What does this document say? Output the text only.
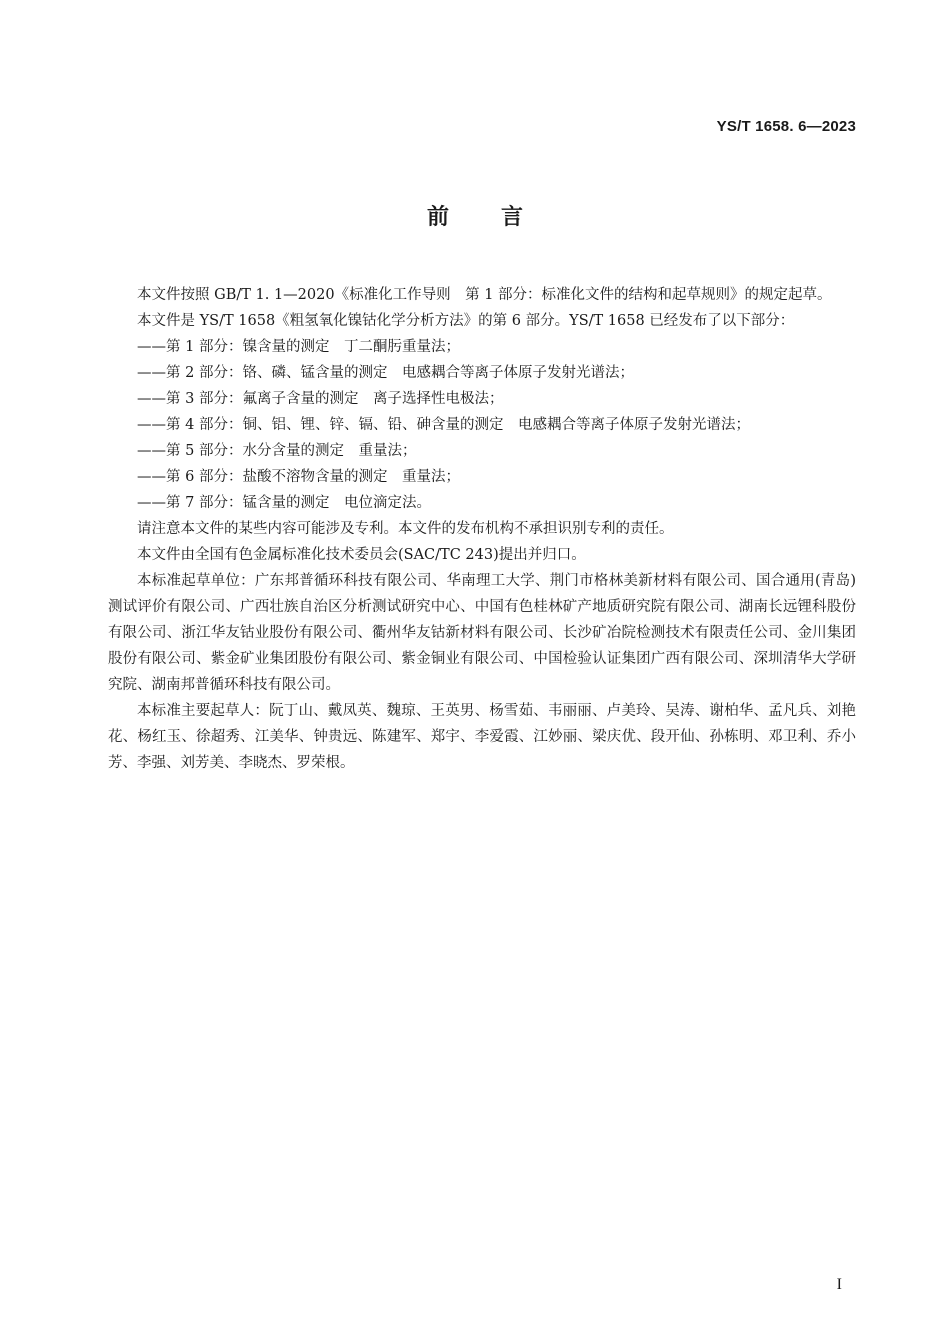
YS/T 1658. 6—2023
前言

本文件按照 GB/T 1. 1—2020《标准化工作导则　第 1 部分：标准化文件的结构和起草规则》的规定起草。

本文件是 YS/T 1658《粗氢氧化镍钴化学分析方法》的第 6 部分。YS/T 1658 已经发布了以下部分：

——第 1 部分：镍含量的测定　丁二酮肟重量法；

——第 2 部分：铬、磷、锰含量的测定　电感耦合等离子体原子发射光谱法；

——第 3 部分：氟离子含量的测定　离子选择性电极法；

——第 4 部分：铜、铝、锂、锌、镉、铅、砷含量的测定　电感耦合等离子体原子发射光谱法；

——第 5 部分：水分含量的测定　重量法；

——第 6 部分：盐酸不溶物含量的测定　重量法；

——第 7 部分：锰含量的测定　电位滴定法。

请注意本文件的某些内容可能涉及专利。本文件的发布机构不承担识别专利的责任。

本文件由全国有色金属标准化技术委员会(SAC/TC 243)提出并归口。

本标准起草单位：广东邦普循环科技有限公司、华南理工大学、荆门市格林美新材料有限公司、国合通用(青岛)测试评价有限公司、广西壮族自治区分析测试研究中心、中国有色桂林矿产地质研究院有限公司、湖南长远锂科股份有限公司、浙江华友钴业股份有限公司、衢州华友钴新材料有限公司、长沙矿冶院检测技术有限责任公司、金川集团股份有限公司、紫金矿业集团股份有限公司、紫金铜业有限公司、中国检验认证集团广西有限公司、深圳清华大学研究院、湖南邦普循环科技有限公司。

本标准主要起草人：阮丁山、戴凤英、魏琼、王英男、杨雪茹、韦丽丽、卢美玲、吴涛、谢柏华、孟凡兵、刘艳花、杨红玉、徐超秀、江美华、钟贵远、陈建军、郑宇、李爱霞、江妙丽、梁庆优、段开仙、孙栋明、邓卫利、乔小芳、李强、刘芳美、李晓杰、罗荣根。

I
